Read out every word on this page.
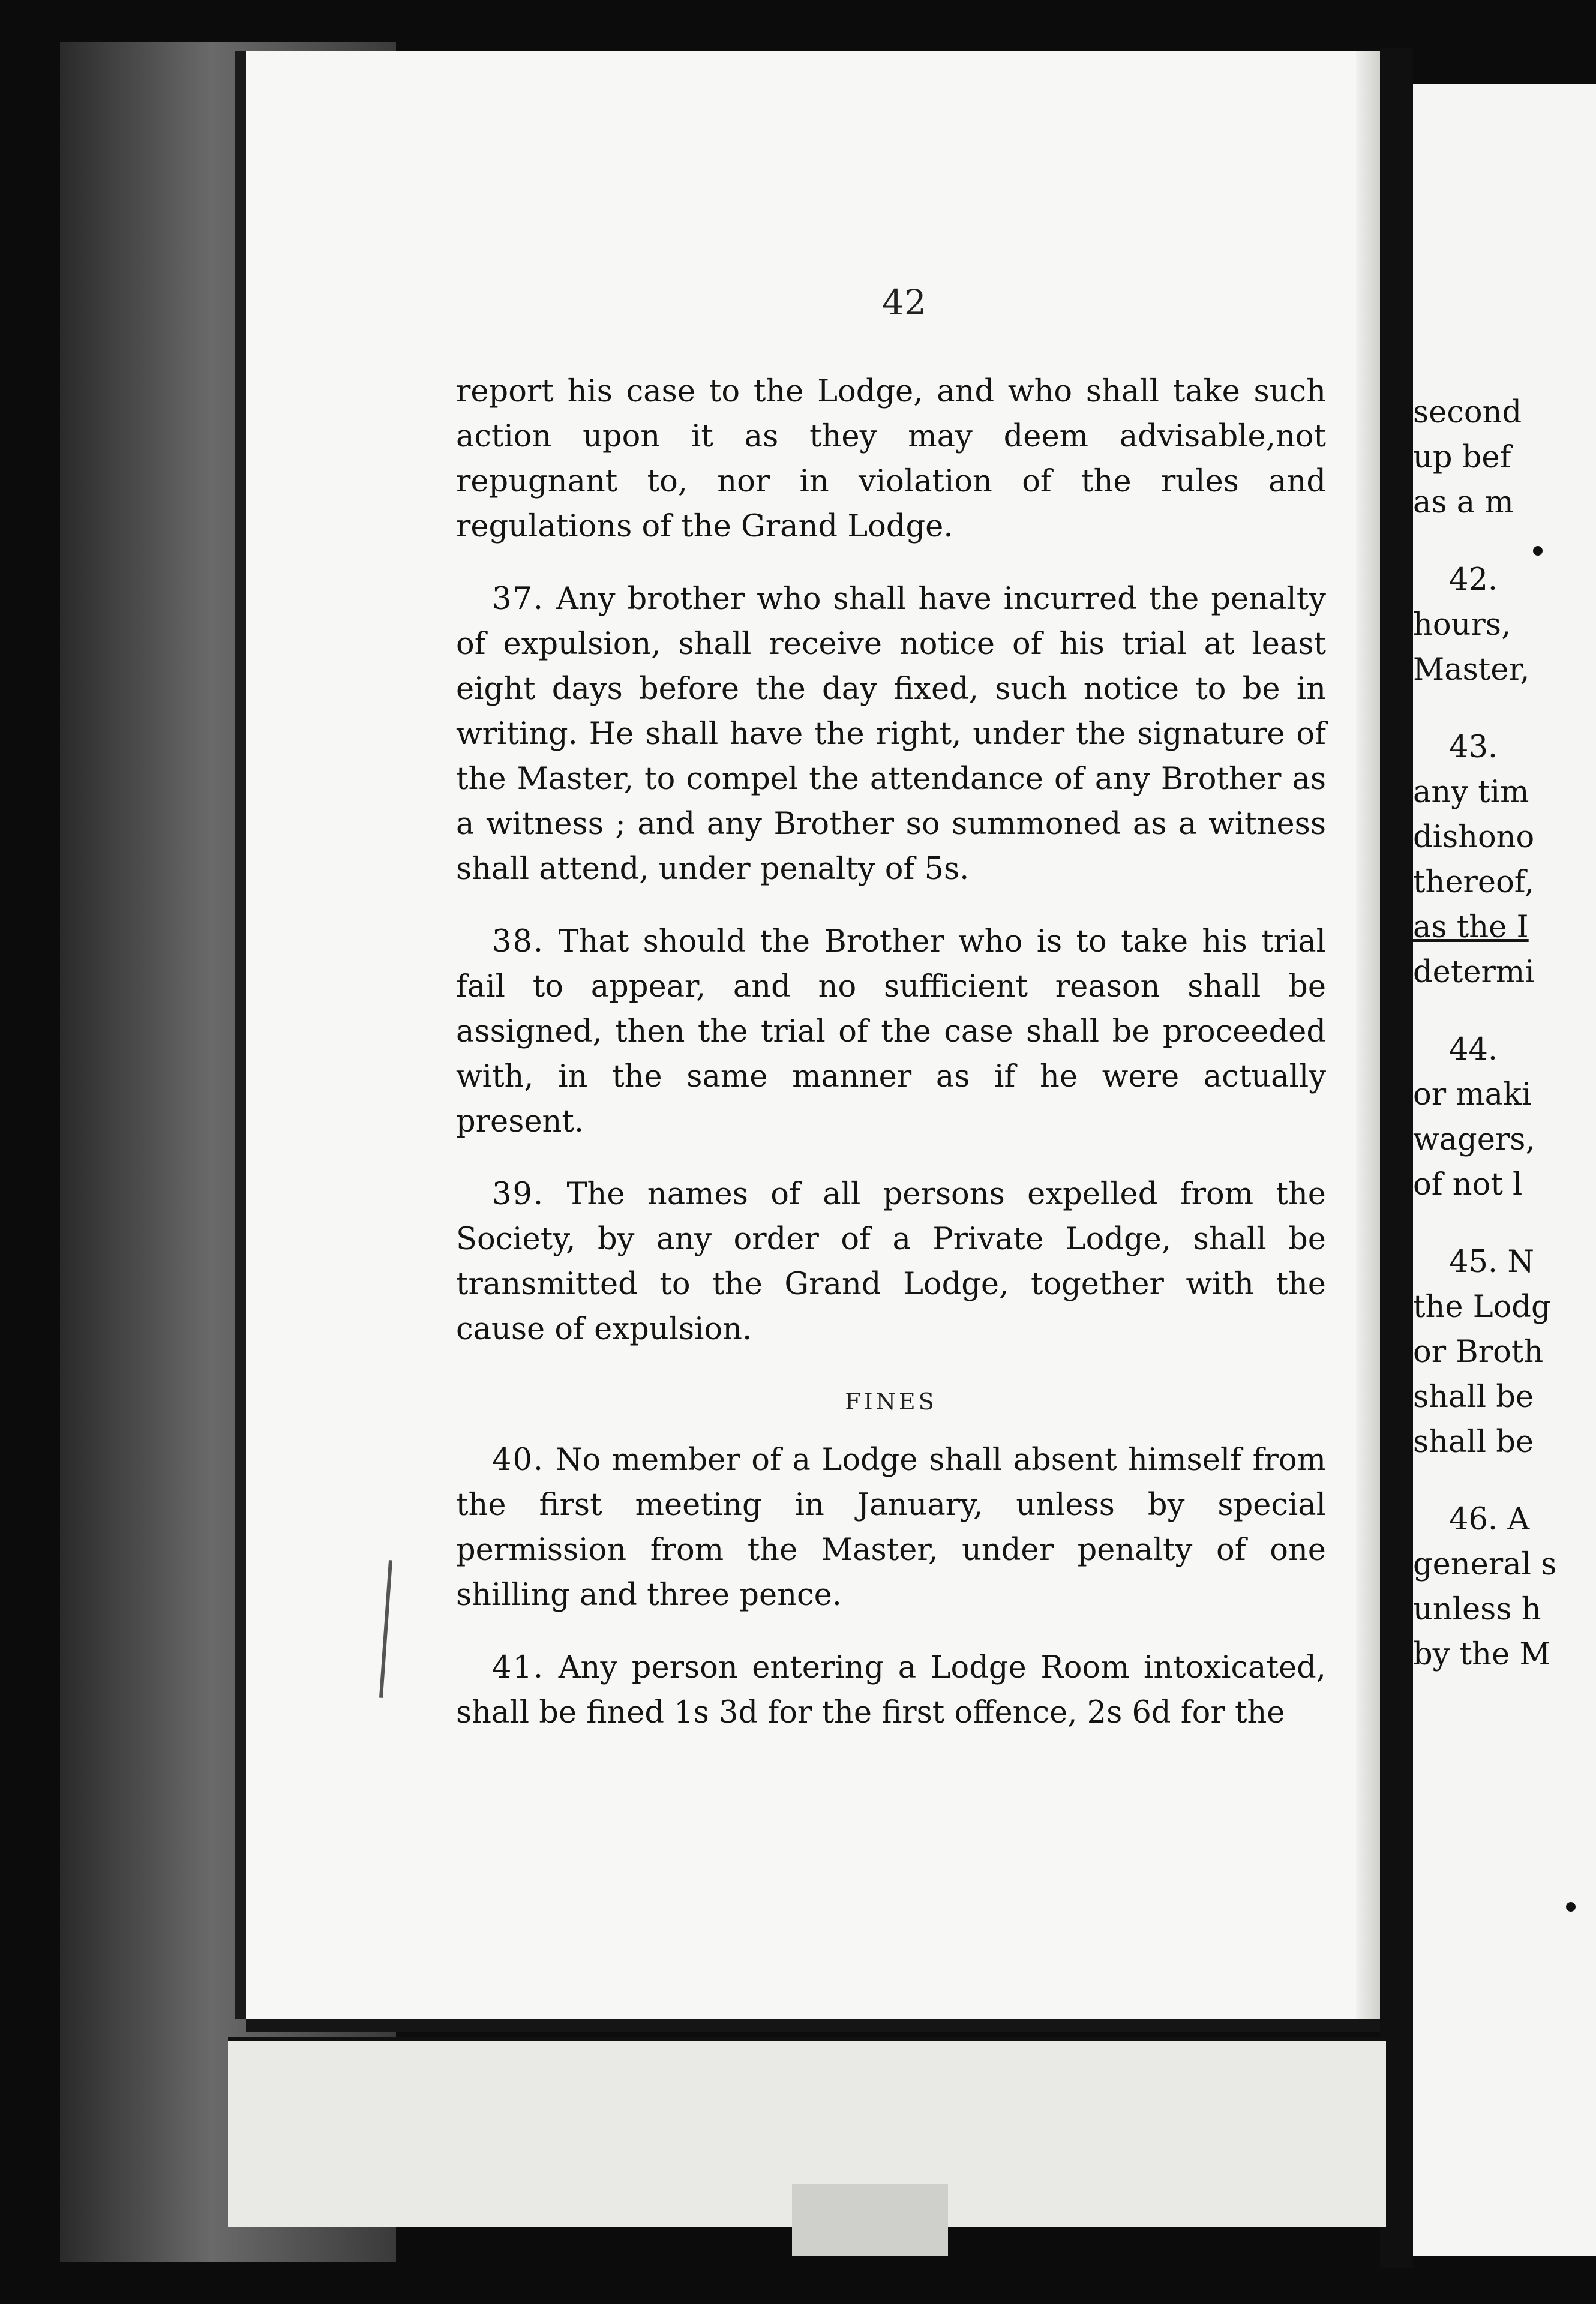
second
up bef
as a m

42.
hours,
Master,

43.
any tim
dishono
thereof,
as the I
determi

44.
or maki
wagers,
of not l

45. N
the Lodg
or Broth
shall be
shall be

46. A
general s
unless h
by the M

42

report his case to the Lodge, and who shall take such action upon it as they may deem advisable,not repugnant to, nor in violation of the rules and regulations of the Grand Lodge.

37. Any brother who shall have incurred the penalty of expulsion, shall receive notice of his trial at least eight days before the day fixed, such notice to be in writing. He shall have the right, under the signature of the Master, to compel the attendance of any Brother as a witness ; and any Brother so summoned as a witness shall attend, under penalty of 5s.

38. That should the Brother who is to take his trial fail to appear, and no sufficient reason shall be assigned, then the trial of the case shall be proceeded with, in the same manner as if he were actually present.

39. The names of all persons expelled from the Society, by any order of a Private Lodge, shall be transmitted to the Grand Lodge, together with the cause of expulsion.

FINES

40. No member of a Lodge shall absent himself from the first meeting in January, unless by special permission from the Master, under penalty of one shilling and three pence.

41. Any person entering a Lodge Room intoxicated, shall be fined 1s 3d for the first offence, 2s 6d for the
